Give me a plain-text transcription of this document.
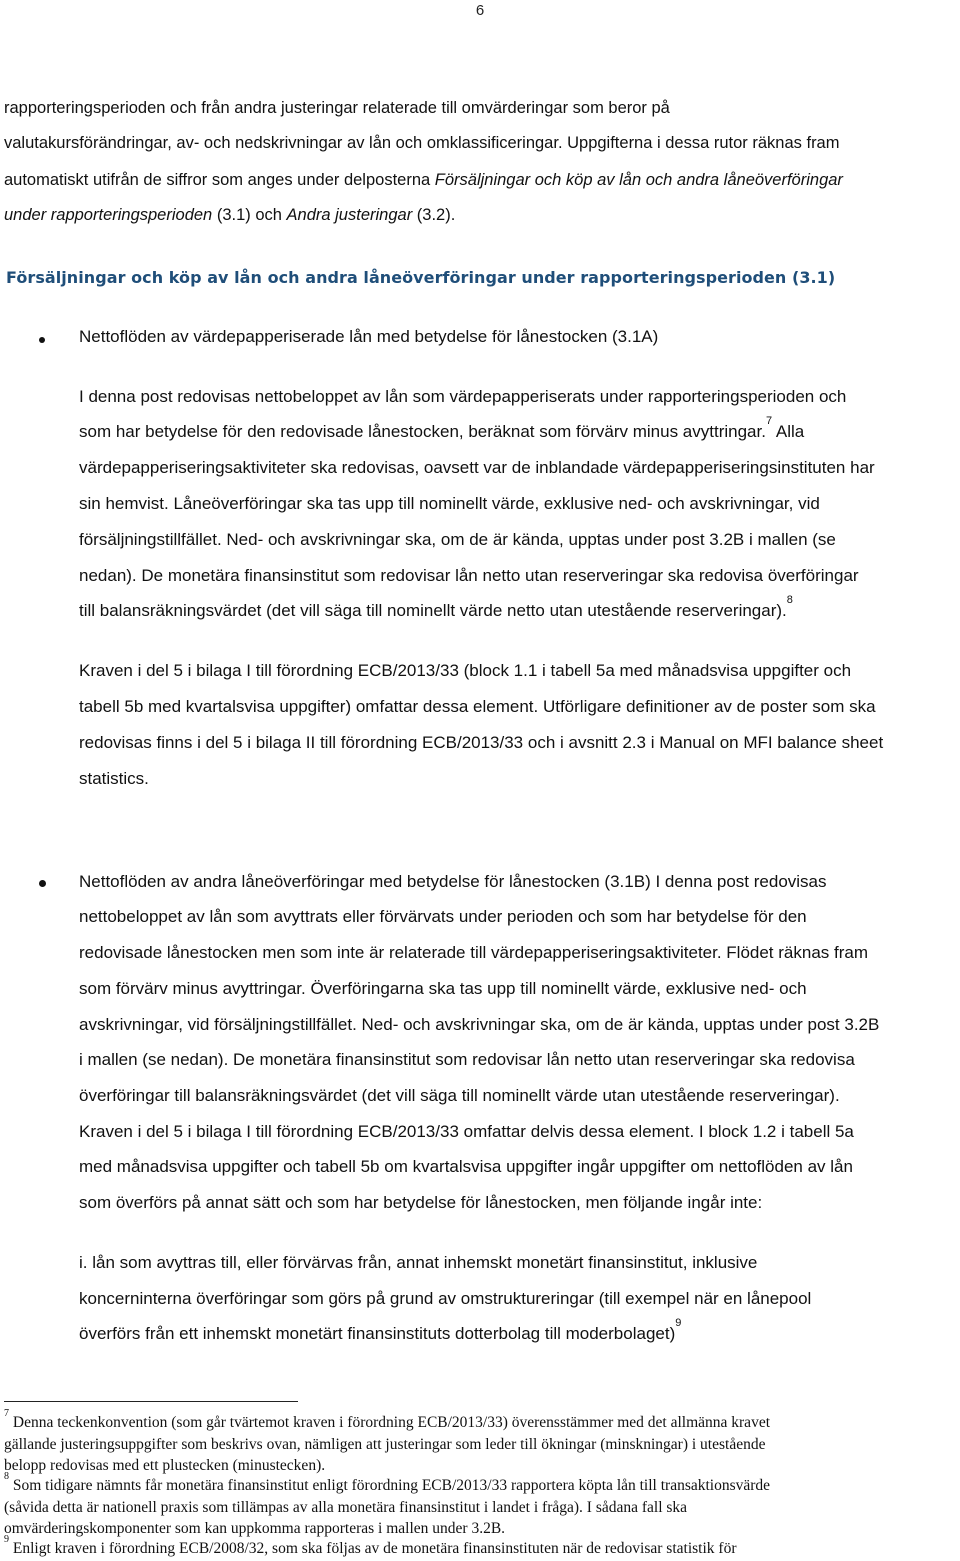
6
rapporteringsperioden och från andra justeringar relaterade till omvärderingar som beror på
valutakursförändringar, av- och nedskrivningar av lån och omklassificeringar. Uppgifterna i dessa rutor räknas fram
automatiskt utifrån de siffror som anges under delposterna Försäljningar och köp av lån och andra låneöverföringar
under rapporteringsperioden (3.1) och Andra justeringar (3.2).
Försäljningar och köp av lån och andra låneöverföringar under rapporteringsperioden (3.1)
Nettoflöden av värdepapperiserade lån med betydelse för lånestocken (3.1A)
I denna post redovisas nettobeloppet av lån som värdepapperiserats under rapporteringsperioden och
som har betydelse för den redovisade lånestocken, beräknat som förvärv minus avyttringar.$^7$ Alla
värdepapperiseringsaktiviteter ska redovisas, oavsett var de inblandade värdepapperiseringsinstituten har
sin hemvist. Låneöverföringar ska tas upp till nominellt värde, exklusive ned- och avskrivningar, vid
försäljningstillfället. Ned- och avskrivningar ska, om de är kända, upptas under post 3.2B i mallen (se
nedan). De monetära finansinstitut som redovisar lån netto utan reserveringar ska redovisa överföringar
till balansräkningsvärdet (det vill säga till nominellt värde netto utan utestående reserveringar).$^8$
Kraven i del 5 i bilaga I till förordning ECB/2013/33 (block 1.1 i tabell 5a med månadsvisa uppgifter och
tabell 5b med kvartalsvisa uppgifter) omfattar dessa element. Utförligare definitioner av de poster som ska
redovisas finns i del 5 i bilaga II till förordning ECB/2013/33 och i avsnitt 2.3 i Manual on MFI balance sheet
statistics.
Nettoflöden av andra låneöverföringar med betydelse för lånestocken (3.1B) I denna post redovisas
nettobeloppet av lån som avyttrats eller förvärvats under perioden och som har betydelse för den
redovisade lånestocken men som inte är relaterade till värdepapperiseringsaktiviteter. Flödet räknas fram
som förvärv minus avyttringar. Överföringarna ska tas upp till nominellt värde, exklusive ned- och
avskrivningar, vid försäljningstillfället. Ned- och avskrivningar ska, om de är kända, upptas under post 3.2B
i mallen (se nedan). De monetära finansinstitut som redovisar lån netto utan reserveringar ska redovisa
överföringar till balansräkningsvärdet (det vill säga till nominellt värde utan utestående reserveringar).
Kraven i del 5 i bilaga I till förordning ECB/2013/33 omfattar delvis dessa element. I block 1.2 i tabell 5a
med månadsvisa uppgifter och tabell 5b om kvartalsvisa uppgifter ingår uppgifter om nettoflöden av lån
som överförs på annat sätt och som har betydelse för lånestocken, men följande ingår inte:
i. lån som avyttras till, eller förvärvas från, annat inhemskt monetärt finansinstitut, inklusive
koncerninterna överföringar som görs på grund av omstruktureringar (till exempel när en lånepool
överförs från ett inhemskt monetärt finansinstituts dotterbolag till moderbolaget)$^9$
$^7$ Denna teckenkonvention (som går tvärtemot kraven i förordning ECB/2013/33) överensstämmer med det allmänna kravet
gällande justeringsuppgifter som beskrivs ovan, nämligen att justeringar som leder till ökningar (minskningar) i utestående
belopp redovisas med ett plustecken (minustecken).
$^8$ Som tidigare nämnts får monetära finansinstitut enligt förordning ECB/2013/33 rapportera köpta lån till transaktionsvärde
(såvida detta är nationell praxis som tillämpas av alla monetära finansinstitut i landet i fråga). I sådana fall ska
omvärderingskomponenter som kan uppkomma rapporteras i mallen under 3.2B.
$^9$ Enligt kraven i förordning ECB/2008/32, som ska följas av de monetära finansinstituten när de redovisar statistik för
